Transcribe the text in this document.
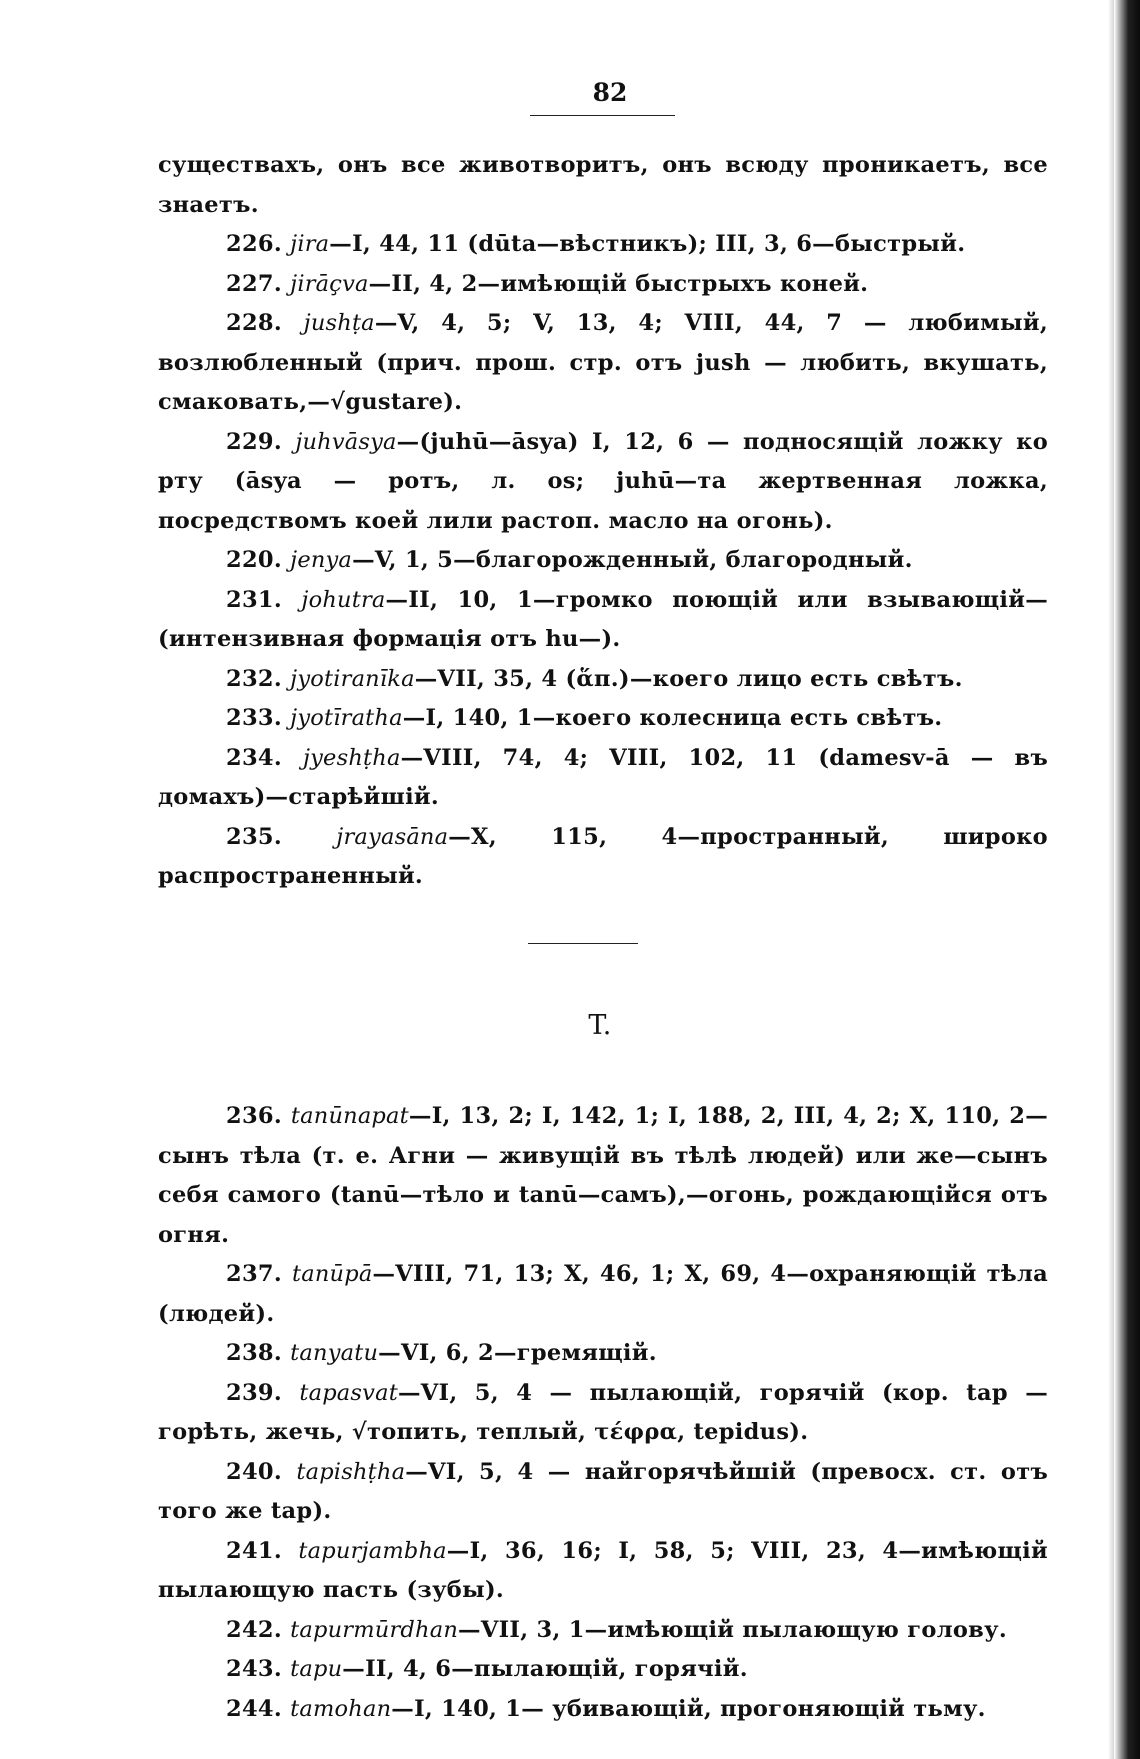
82

существахъ, онъ все животворитъ, онъ всюду проникаетъ, все знаетъ.

226. jira—I, 44, 11 (dūta—вѣстникъ); III, 3, 6—быстрый.

227. jirāçva—II, 4, 2—имѣющій быстрыхъ коней.

228. jushṭa—V, 4, 5; V, 13, 4; VIII, 44, 7 — любимый, возлюбленный (прич. прош. стр. отъ jush — любить, вкушать, смаковать,—√gustare).

229. juhvāsya—(juhū—āsya) I, 12, 6 — подносящій ложку ко рту (āsya — ротъ, л. os; juhū—та жертвенная ложка, посредствомъ коей лили растоп. масло на огонь).

220. jenya—V, 1, 5—благорожденный, благородный.

231. johutra—II, 10, 1—громко поющій или взывающій— (интензивная формація отъ hu—).

232. jyotiranīka—VII, 35, 4 (ἅπ.)—коего лицо есть свѣтъ.

233. jyotīratha—I, 140, 1—коего колесница есть свѣтъ.

234. jyeshṭha—VIII, 74, 4; VIII, 102, 11 (damesv-ā — въ домахъ)—старѣйшій.

235. jrayasāna—X, 115, 4—пространный, широко распространенный.

T.

236. tanūnapat—I, 13, 2; I, 142, 1; I, 188, 2, III, 4, 2; X, 110, 2—сынъ тѣла (т. е. Агни — живущій въ тѣлѣ людей) или же—сынъ себя самого (tanū—тѣло и tanū—самъ),—огонь, рождающійся отъ огня.

237. tanūpā—VIII, 71, 13; X, 46, 1; X, 69, 4—охраняющій тѣла (людей).

238. tanyatu—VI, 6, 2—гремящій.

239. tapasvat—VI, 5, 4 — пылающій, горячій (кор. tap — горѣть, жечь, √топить, теплый, τέφρα, tepidus).

240. tapishṭha—VI, 5, 4 — найгорячѣйшій (превосх. ст. отъ того же tap).

241. tapurjambha—I, 36, 16; I, 58, 5; VIII, 23, 4—имѣющій пылающую пасть (зубы).

242. tapurmūrdhan—VII, 3, 1—имѣющій пылающую голову.

243. tapu—II, 4, 6—пылающій, горячій.

244. tamohan—I, 140, 1— убивающій, прогоняющій тьму.
